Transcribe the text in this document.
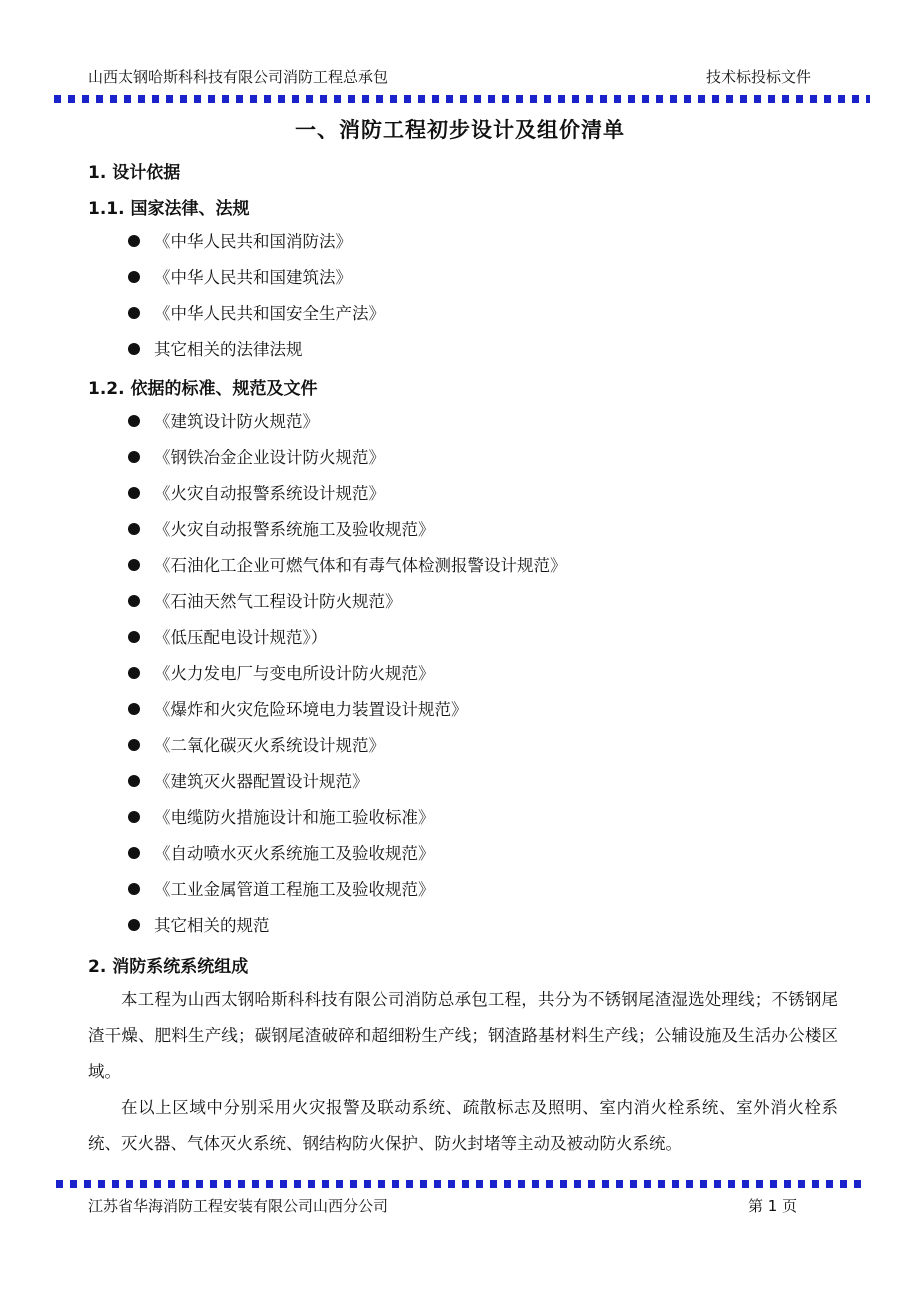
山西太钢哈斯科科技有限公司消防工程总承包	技术标投标文件
一、消防工程初步设计及组价清单
1. 设计依据
1.1. 国家法律、法规
《中华人民共和国消防法》
《中华人民共和国建筑法》
《中华人民共和国安全生产法》
其它相关的法律法规
1.2. 依据的标准、规范及文件
《建筑设计防火规范》
《钢铁冶金企业设计防火规范》
《火灾自动报警系统设计规范》
《火灾自动报警系统施工及验收规范》
《石油化工企业可燃气体和有毒气体检测报警设计规范》
《石油天然气工程设计防火规范》
《低压配电设计规范》）
《火力发电厂与变电所设计防火规范》
《爆炸和火灾危险环境电力装置设计规范》
《二氧化碳灭火系统设计规范》
《建筑灭火器配置设计规范》
《电缆防火措施设计和施工验收标准》
《自动喷水灭火系统施工及验收规范》
《工业金属管道工程施工及验收规范》
其它相关的规范
2. 消防系统系统组成

本工程为山西太钢哈斯科科技有限公司消防总承包工程，共分为不锈钢尾渣湿选处理线；不锈钢尾渣干燥、肥料生产线；碳钢尾渣破碎和超细粉生产线；钢渣路基材料生产线；公辅设施及生活办公楼区域。

在以上区域中分别采用火灾报警及联动系统、疏散标志及照明、室内消火栓系统、室外消火栓系统、灭火器、气体灭火系统、钢结构防火保护、防火封堵等主动及被动防火系统。

江苏省华海消防工程安装有限公司山西分公司	第 1 页
